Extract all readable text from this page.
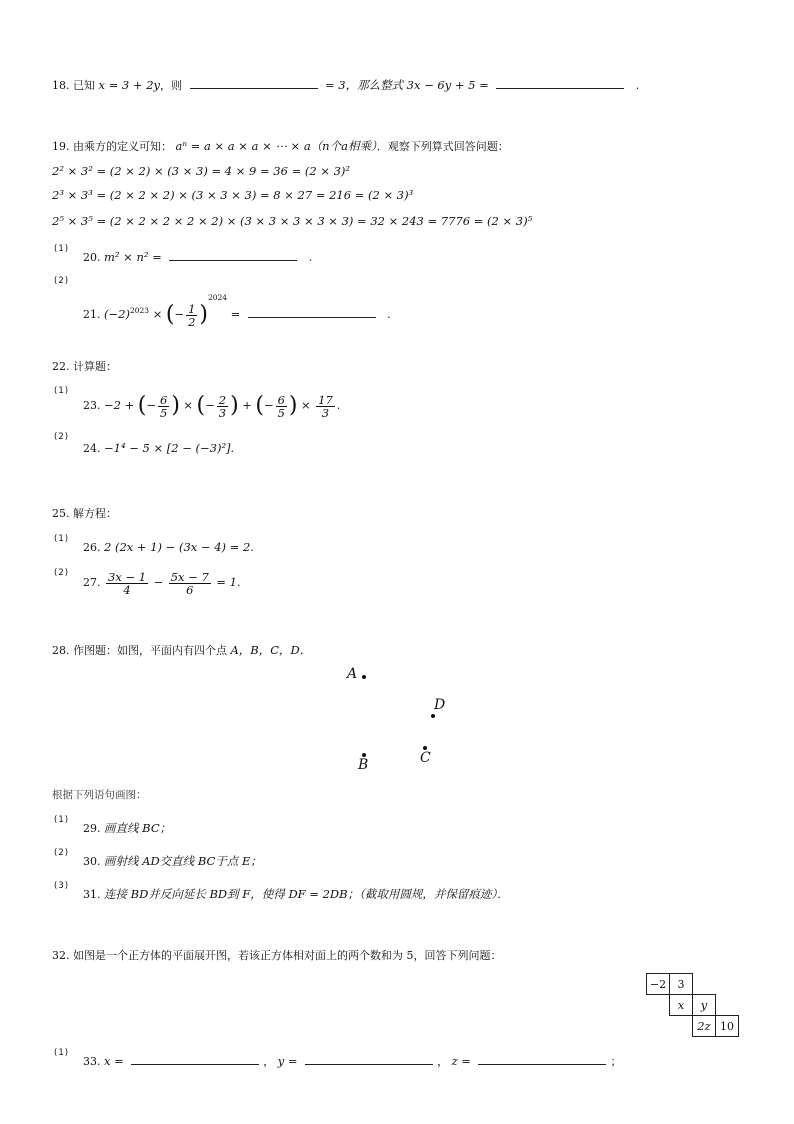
18. 已知 x = 3 + 2y，则	= 3，那么整式 3x − 6y + 5 =	.
19. 由乘方的定义可知： aⁿ = a × a × a × ⋯ × a（n个a相乘）．观察下列算式回答问题：
2² × 3² = (2 × 2) × (3 × 3) = 4 × 9 = 36 = (2 × 3)²
2³ × 3³ = (2 × 2 × 2) × (3 × 3 × 3) = 8 × 27 = 216 = (2 × 3)³
2⁵ × 3⁵ = (2 × 2 × 2 × 2 × 2) × (3 × 3 × 3 × 3 × 3) = 32 × 243 = 7776 = (2 × 3)⁵
(1)
20. m² × n² =	.
(2)
21. $(-2)^{2023}$ × (− $\frac{1}{2} )^{2024}$ =	.
22. 计算题：
(1)
23. −2 + (− $\frac{6}{5}$ ) × (− $\frac{2}{3}$ ) + (− $\frac{6}{5}$ ) × $\frac{17}{3}$ .
(2)
24. −1⁴ − 5 × [2 − (−3)²].
25. 解方程：
(1)
26. 2 (2x + 1) − (3x − 4) = 2.
(2)
27. $\frac{3x - 1}{4} - \frac{5x - 7}{6} = 1$.
28. 作图题：如图，平面内有四个点 A，B，C，D．
A
D
C
B
根据下列语句画图：
(1)
29. 画直线 BC；
(2)
30. 画射线 AD交直线 BC于点 E；
(3)
31. 连接 BD并反向延长 BD到 F，使得 DF = 2DB；（截取用圆规，并保留痕迹）．
32. 如图是一个正方体的平面展开图，若该正方体相对面上的两个数和为 5，回答下列问题：
−2	3		
	x	y	
		2z	10
(1)
33. x =	， y =	， z =	；
